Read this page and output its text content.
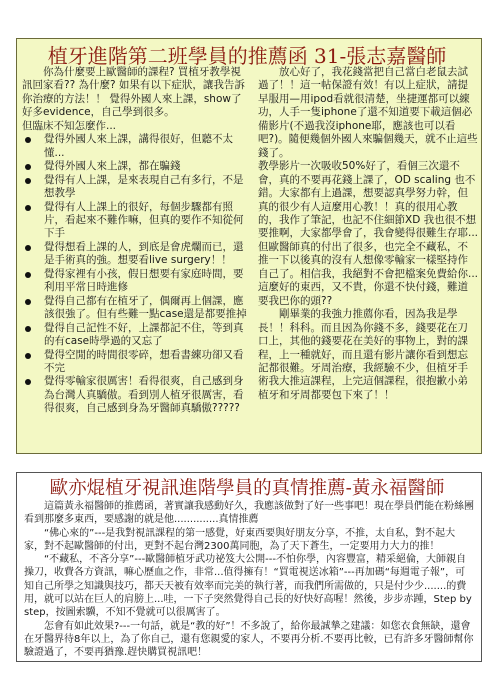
植牙進階第二班學員的推薦函 31-張志嘉醫師

你為什麼要上歐醫師的課程? 買植牙教學視訊回家看?? 為什麼? 如果有以下症狀，讓我告訴你治療的方法！！ 覺得外國人來上課，show了好多evidence，自己學到很多。

但臨床不知怎麼作...

覺得外國人來上課，講得很好，但聽不太懂...
覺得外國人來上課，都在騙錢
覺得有人上課，是來表現自己有多行，不是想教學
覺得有人上課上的很好，每個步驟都有照片，看起來不難作嘛，但真的要作不知從何下手
覺得想看上課的人，到底是會虎爛而已，還是手術真的強。想要看live surgery！！
覺得家裡有小孩，假日想要有家庭時間，要利用平常日時進修
覺得自己都有在植牙了，偶爾再上個課，應該很強了。但有些難一點case還是都要推掉
覺得自己記性不好，上課都記不住，等到真的有case時學過的又忘了
覺得空閒的時間很零碎，想看書練功卻又看不完
覺得零輸家很厲害！看得很爽，自己感到身為台灣人真驕傲。看到別人植牙很厲害，看得很爽，自己感到身為牙醫師真驕傲?????

放心好了，我花錢當把自己當白老鼠去試過了！！這一帖保證有效！有以上症狀，請提早服用—用ipod看就很清楚，坐捷運都可以練功，人手一隻iphone了還不知道要下載這個必備影片(不過我沒iphone耶，應該也可以看吧?)。隨便幾個外國人來騙個幾天，就不止這些錢了。

教學影片一次吸收50%好了，看個三次還不會，真的不要再花錢上課了，OD scaling 也不錯。大家都有上過課，想要認真學努力幹，但真的很少有人這麼用心教！！真的很用心教的，我作了筆記，也記不住細節XD 我也很不想要推啊，大家都學會了，我會變得很難生存耶...但歐醫師真的付出了很多，也完全不藏私，不推一下以後真的沒有人想像零輸家一樣堅持作自己了。相信我，我絕對不會把檔案免費給你... 這麼好的東西，又不貴，你還不快付錢，難道要我巴你的頭??

剛畢業的我強力推薦你看，因為我是學長！！科科。而且因為你錢不多，錢要花在刀口上，其他的錢要花在美好的事物上，對的課程，上一種就好，而且還有影片讓你看到想忘記都很難。牙周治療，我經驗不少，但植牙手術我大推這課程，上完這個課程，很抱歉小弟植牙和牙周都要包下來了！！

歐亦焜植牙視訊進階學員的真情推薦-黃永福醫師

這篇黃永福醫師的推薦函，著實讓我感動好久，我應該做對了好一些事吧！現在學員們能在粉絲團看到那麼多東西，要感謝的就是他..............真情推薦

“佛心來的”---是我對視訊課程的第一感覺，好東西要與好朋友分享，不推，太自私，對不起大家，對不起歐醫師的付出，更對不起台灣2300萬同胞，為了天下蒼生，一定要用力大力的推！

“不藏私，不吝分享”---歐醫師植牙武功祕笈大公開---不怕你學，內容豐富，精采絕倫，大師親自操刀，收費各方資訊，嘛心歷血之作，非常...值得擁有！“買電視送冰箱”---再加碼“每週電子報”，可知自己所學之知識與技巧，都天天被有效率而完美的執行著，而我們所需做的，只是付少少.......的費用，就可以站在巨人的肩膀上...哇，一下子突然覺得自己長的好快好高喔！然後，步步赤踵，Step by step，按圖索驥，不知不覺就可以很厲害了。

怎會有如此效果?---一句話，就是“教的好”！不多說了，給你最誠摯之建議：如您衣食無缺，還會在牙醫界待8年以上，為了你自己，還有您親愛的家人，不要再分析.不要再比較，已有許多牙醫師幫你驗證過了，不要再猶豫.趕快購買視訊吧！
